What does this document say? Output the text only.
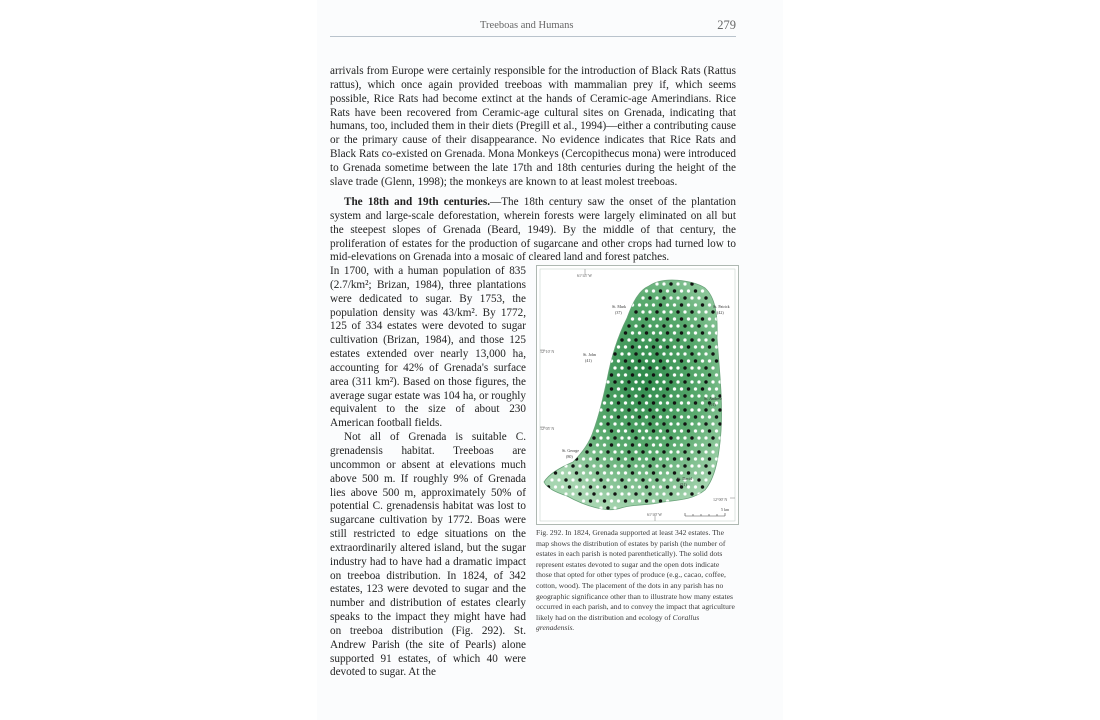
Treeboas and Humans	279

arrivals from Europe were certainly responsible for the introduction of Black Rats (Rattus rattus), which once again provided treeboas with mammalian prey if, which seems possible, Rice Rats had become extinct at the hands of Ceramic-age Amerindians. Rice Rats have been recovered from Ceramic-age cultural sites on Grenada, indicating that humans, too, included them in their diets (Pregill et al., 1994)—either a contributing cause or the primary cause of their disappearance. No evidence indicates that Rice Rats and Black Rats co-existed on Grenada. Mona Monkeys (Cercopithecus mona) were introduced to Grenada sometime between the late 17th and 18th centuries during the height of the slave trade (Glenn, 1998); the monkeys are known to at least molest treeboas.

The 18th and 19th centuries.—The 18th century saw the onset of the plantation system and large-scale deforestation, wherein forests were largely eliminated on all but the steepest slopes of Grenada (Beard, 1949). By the middle of that century, the proliferation of estates for the production of sugarcane and other crops had turned low to mid-elevations on Grenada into a mosaic of cleared land and forest patches.

In 1700, with a human population of 835 (2.7/km²; Brizan, 1984), three plantations were dedicated to sugar. By 1753, the population density was 43/km². By 1772, 125 of 334 estates were devoted to sugar cultivation (Brizan, 1984), and those 125 estates extended over nearly 13,000 ha, accounting for 42% of Grenada's surface area (311 km²). Based on those figures, the average sugar estate was 104 ha, or roughly equivalent to the size of about 230 American football fields.

Not all of Grenada is suitable C. grenadensis habitat. Treeboas are uncommon or absent at elevations much above 500 m. If roughly 9% of Grenada lies above 500 m, approximately 50% of potential C. grenadensis habitat was lost to sugarcane cultivation by 1772. Boas were still restricted to edge situations on the extraordinarily altered island, but the sugar industry had to have had a dramatic impact on treeboa distribution. In 1824, of 342 estates, 123 were devoted to sugar and the number and distribution of estates clearly speaks to the impact they might have had on treeboa distribution (Fig. 292). St. Andrew Parish (the site of Pearls) alone supported 91 estates, of which 40 were devoted to sugar. At the

61°45' W
12°10' N
12°05' N
12°00' N
61°40' W
St. Mark
(37)
St. Patrick
(42)
St. John
(41)
St. Andrew
(91)
St. George
(80)
St. David
(51)
5 km

Fig. 292. In 1824, Grenada supported at least 342 estates. The map shows the distribution of estates by parish (the number of estates in each parish is noted parenthetically). The solid dots represent estates devoted to sugar and the open dots indicate those that opted for other types of produce (e.g., cacao, coffee, cotton, wood). The placement of the dots in any parish has no geographic significance other than to illustrate how many estates occurred in each parish, and to convey the impact that agriculture likely had on the distribution and ecology of Corallus grenadensis.
